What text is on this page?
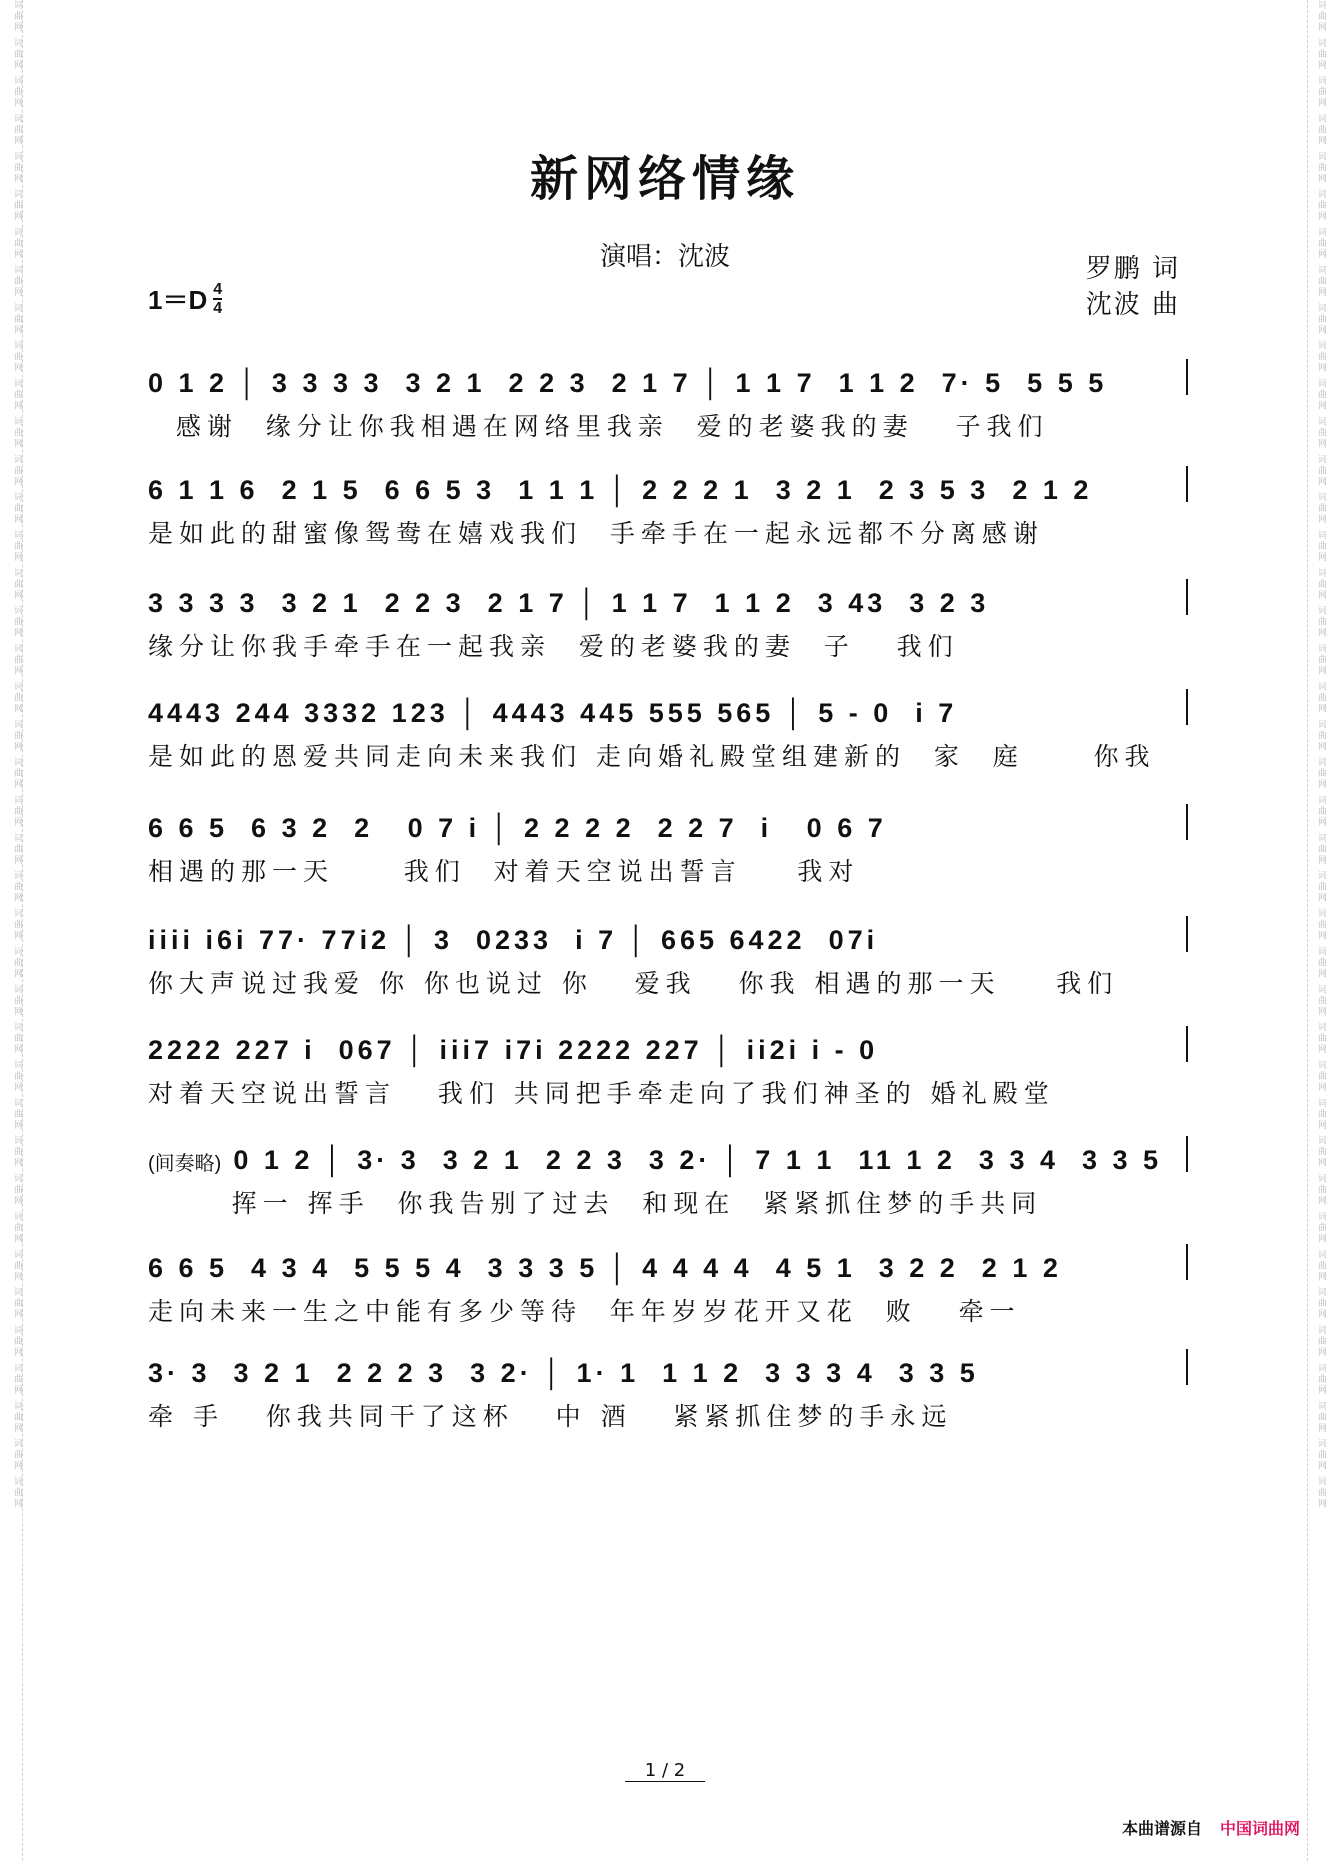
词曲网 词曲网 词曲网 词曲网 词曲网 词曲网 词曲网 词曲网 词曲网 词曲网 词曲网 词曲网 词曲网 词曲网 词曲网 词曲网 词曲网 词曲网 词曲网 词曲网 词曲网 词曲网 词曲网 词曲网 词曲网 词曲网 词曲网 词曲网 词曲网 词曲网 词曲网 词曲网 词曲网 词曲网 词曲网 词曲网 词曲网 词曲网 词曲网 词曲网	词曲网 词曲网 词曲网 词曲网 词曲网 词曲网 词曲网 词曲网 词曲网 词曲网 词曲网 词曲网 词曲网 词曲网 词曲网 词曲网 词曲网 词曲网 词曲网 词曲网 词曲网 词曲网 词曲网 词曲网 词曲网 词曲网 词曲网 词曲网 词曲网 词曲网 词曲网 词曲网 词曲网 词曲网 词曲网 词曲网 词曲网 词曲网 词曲网 词曲网
新网络情缘
演唱：沈波	罗鹏 词
沈波 曲
1＝D 4
4
0 1 2 │ 3 3 3 3  3 2 1  2 2 3  2 1 7 │ 1 1 7  1 1 2  7· 5  5 5 5
感谢  缘分让你我相遇在网络里我亲  爱的老婆我的妻   子我们
6 1 1 6  2 1 5  6 6 5 3  1 1 1 │ 2 2 2 1  3 2 1  2 3 5 3  2 1 2
是如此的甜蜜像鸳鸯在嬉戏我们  手牵手在一起永远都不分离感谢
3 3 3 3  3 2 1  2 2 3  2 1 7 │ 1 1 7  1 1 2  3 43  3 2 3
缘分让你我手牵手在一起我亲  爱的老婆我的妻  子   我们
4443 244 3332 123 │ 4443 445 555 565 │ 5 - 0  i 7
是如此的恩爱共同走向未来我们 走向婚礼殿堂组建新的  家  庭     你我
6 6 5  6 3 2  2   0 7 i │ 2 2 2 2  2 2 7  i   0 6 7
相遇的那一天     我们  对着天空说出誓言    我对
iiii i6i 77· 77i2 │ 3  0233  i 7 │ 665 6422  07i
你大声说过我爱 你 你也说过 你   爱我   你我 相遇的那一天    我们
2222 227 i  067 │ iii7 i7i 2222 227 │ ii2i i - 0
对着天空说出誓言   我们 共同把手牵走向了我们神圣的 婚礼殿堂
(间奏略) 0 1 2 │ 3· 3  3 2 1  2 2 3  3 2· │ 7 1 1  11 1 2  3 3 4  3 3 5
挥一 挥手  你我告别了过去  和现在  紧紧抓住梦的手共同
6 6 5  4 3 4  5 5 5 4  3 3 3 5 │ 4 4 4 4  4 5 1  3 2 2  2 1 2
走向未来一生之中能有多少等待  年年岁岁花开又花  败   牵一
3· 3  3 2 1  2 2 2 3  3 2· │ 1· 1  1 1 2  3 3 3 4  3 3 5
牵 手   你我共同干了这杯   中 酒   紧紧抓住梦的手永远
1 / 2
本曲谱源自 中国词曲网
